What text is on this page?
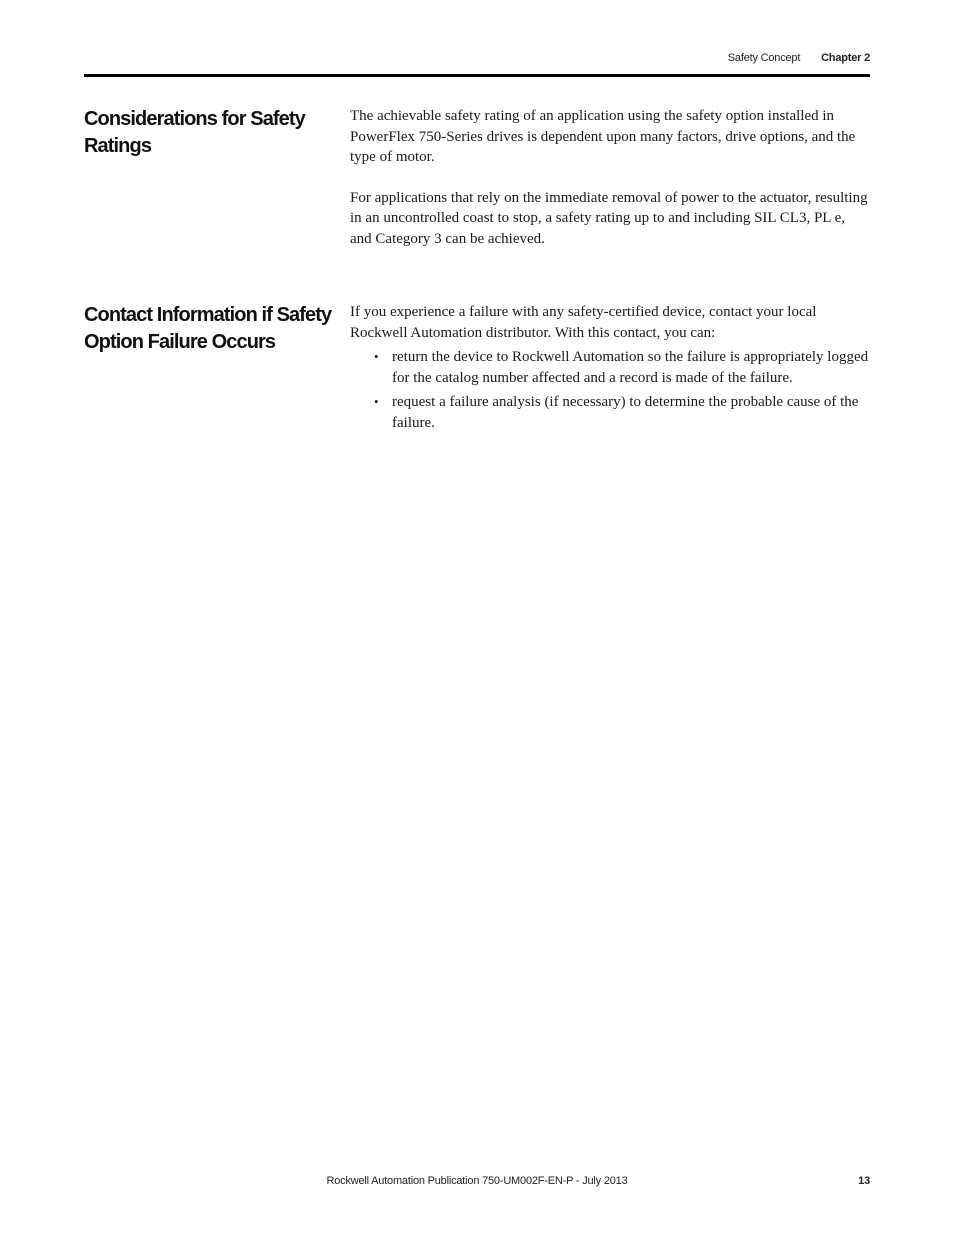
Safety Concept Chapter 2
Considerations for Safety Ratings

The achievable safety rating of an application using the safety option installed in PowerFlex 750-Series drives is dependent upon many factors, drive options, and the type of motor.

For applications that rely on the immediate removal of power to the actuator, resulting in an uncontrolled coast to stop, a safety rating up to and including SIL CL3, PL e, and Category 3 can be achieved.

Contact Information if Safety Option Failure Occurs

If you experience a failure with any safety-certified device, contact your local Rockwell Automation distributor. With this contact, you can:

• return the device to Rockwell Automation so the failure is appropriately logged for the catalog number affected and a record is made of the failure.
• request a failure analysis (if necessary) to determine the probable cause of the failure.
Rockwell Automation Publication 750-UM002F-EN-P - July 2013	13
